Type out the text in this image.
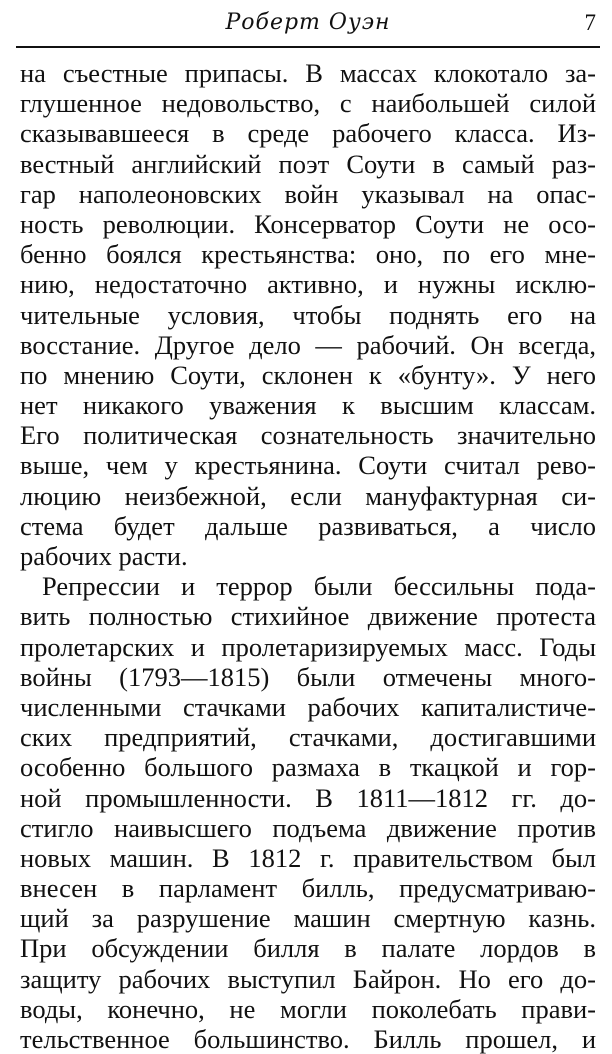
Роберт Оуэн	7
на съестные припасы. В массах клокотало за-
глушенное недовольство, с наибольшей силой
сказывавшееся в среде рабочего класса. Из-
вестный английский поэт Соути в самый раз-
гар наполеоновских войн указывал на опас-
ность революции. Консерватор Соути не осо-
бенно боялся крестьянства: оно, по его мне-
нию, недостаточно активно, и нужны исклю-
чительные условия, чтобы поднять его на
восстание. Другое дело — рабочий. Он всегда,
по мнению Соути, склонен к «бунту». У него
нет никакого уважения к высшим классам.
Его политическая сознательность значительно
выше, чем у крестьянина. Соути считал рево-
люцию неизбежной, если мануфактурная си-
стема будет дальше развиваться, а число
рабочих расти.
Репрессии и террор были бессильны пода-
вить полностью стихийное движение протеста
пролетарских и пролетаризируемых масс. Годы
войны (1793—1815) были отмечены много-
численными стачками рабочих капиталистиче-
ских предприятий, стачками, достигавшими
особенно большого размаха в ткацкой и гор-
ной промышленности. В 1811—1812 гг. до-
стигло наивысшего подъема движение против
новых машин. В 1812 г. правительством был
внесен в парламент билль, предусматриваю-
щий за разрушение машин смертную казнь.
При обсуждении билля в палате лордов в
защиту рабочих выступил Байрон. Но его до-
воды, конечно, не могли поколебать прави-
тельственное большинство. Билль прошел, и
